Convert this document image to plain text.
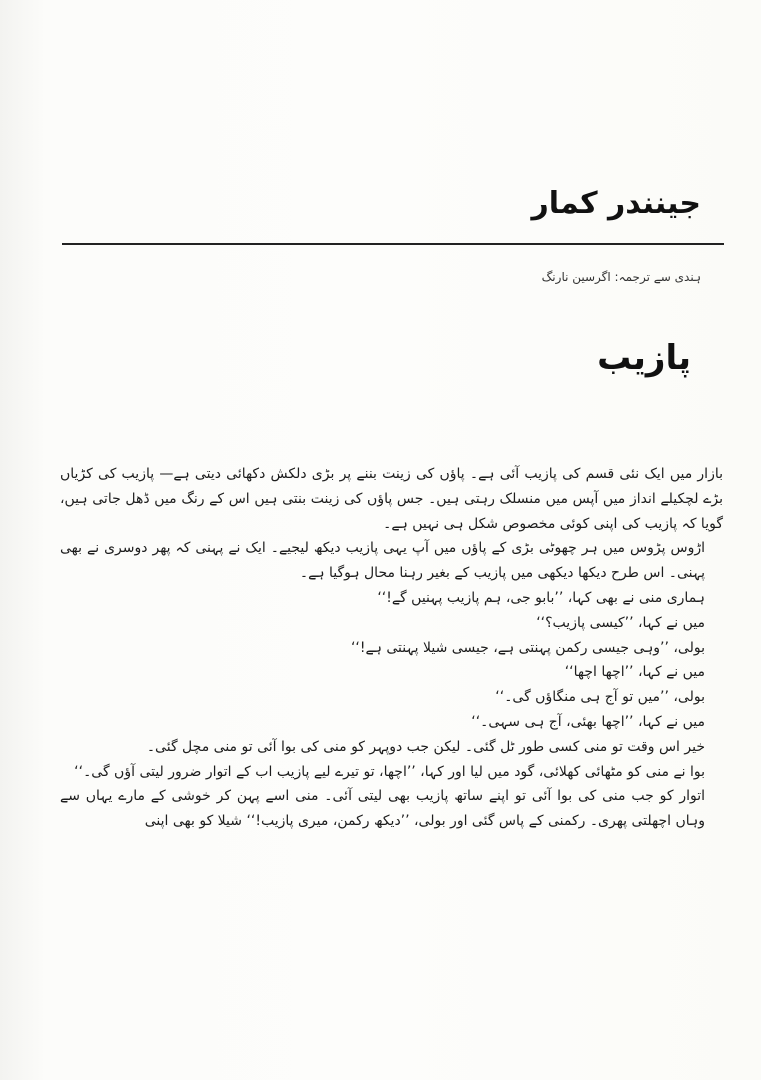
جینندر کمار
ہندی سے ترجمہ: اگرسین نارنگ
پازیب

بازار میں ایک نئی قسم کی پازیب آئی ہے۔ پاؤں کی زینت بننے پر بڑی دلکش دکھائی دیتی ہے— پازیب کی کڑیاں بڑے لچکیلے انداز میں آپس میں منسلک رہتی ہیں۔ جس پاؤں کی زینت بنتی ہیں اس کے رنگ میں ڈھل جاتی ہیں، گویا کہ پازیب کی اپنی کوئی مخصوص شکل ہی نہیں ہے۔

اڑوس پڑوس میں ہر چھوٹی بڑی کے پاؤں میں آپ یہی پازیب دیکھ لیجیے۔ ایک نے پہنی کہ پھر دوسری نے بھی پہنی۔ اس طرح دیکھا دیکھی میں پازیب کے بغیر رہنا محال ہوگیا ہے۔

ہماری منی نے بھی کہا، ’’بابو جی، ہم پازیب پہنیں گے!‘‘

میں نے کہا، ’’کیسی پازیب؟‘‘

بولی، ’’وہی جیسی رکمن پہنتی ہے، جیسی شیلا پہنتی ہے!‘‘

میں نے کہا، ’’اچھا اچھا‘‘

بولی، ’’میں تو آج ہی منگاؤں گی۔‘‘

میں نے کہا، ’’اچھا بھئی، آج ہی سہی۔‘‘

خیر اس وقت تو منی کسی طور ٹل گئی۔ لیکن جب دوپہر کو منی کی بوا آئی تو منی مچل گئی۔

بوا نے منی کو مٹھائی کھلائی، گود میں لیا اور کہا، ’’اچھا، تو تیرے لیے پازیب اب کے اتوار ضرور لیتی آؤں گی۔‘‘

اتوار کو جب منی کی بوا آئی تو اپنے ساتھ پازیب بھی لیتی آئی۔ منی اسے پہن کر خوشی کے مارے یہاں سے وہاں اچھلتی پھری۔ رکمنی کے پاس گئی اور بولی، ’’دیکھ رکمن، میری پازیب!‘‘ شیلا کو بھی اپنی
